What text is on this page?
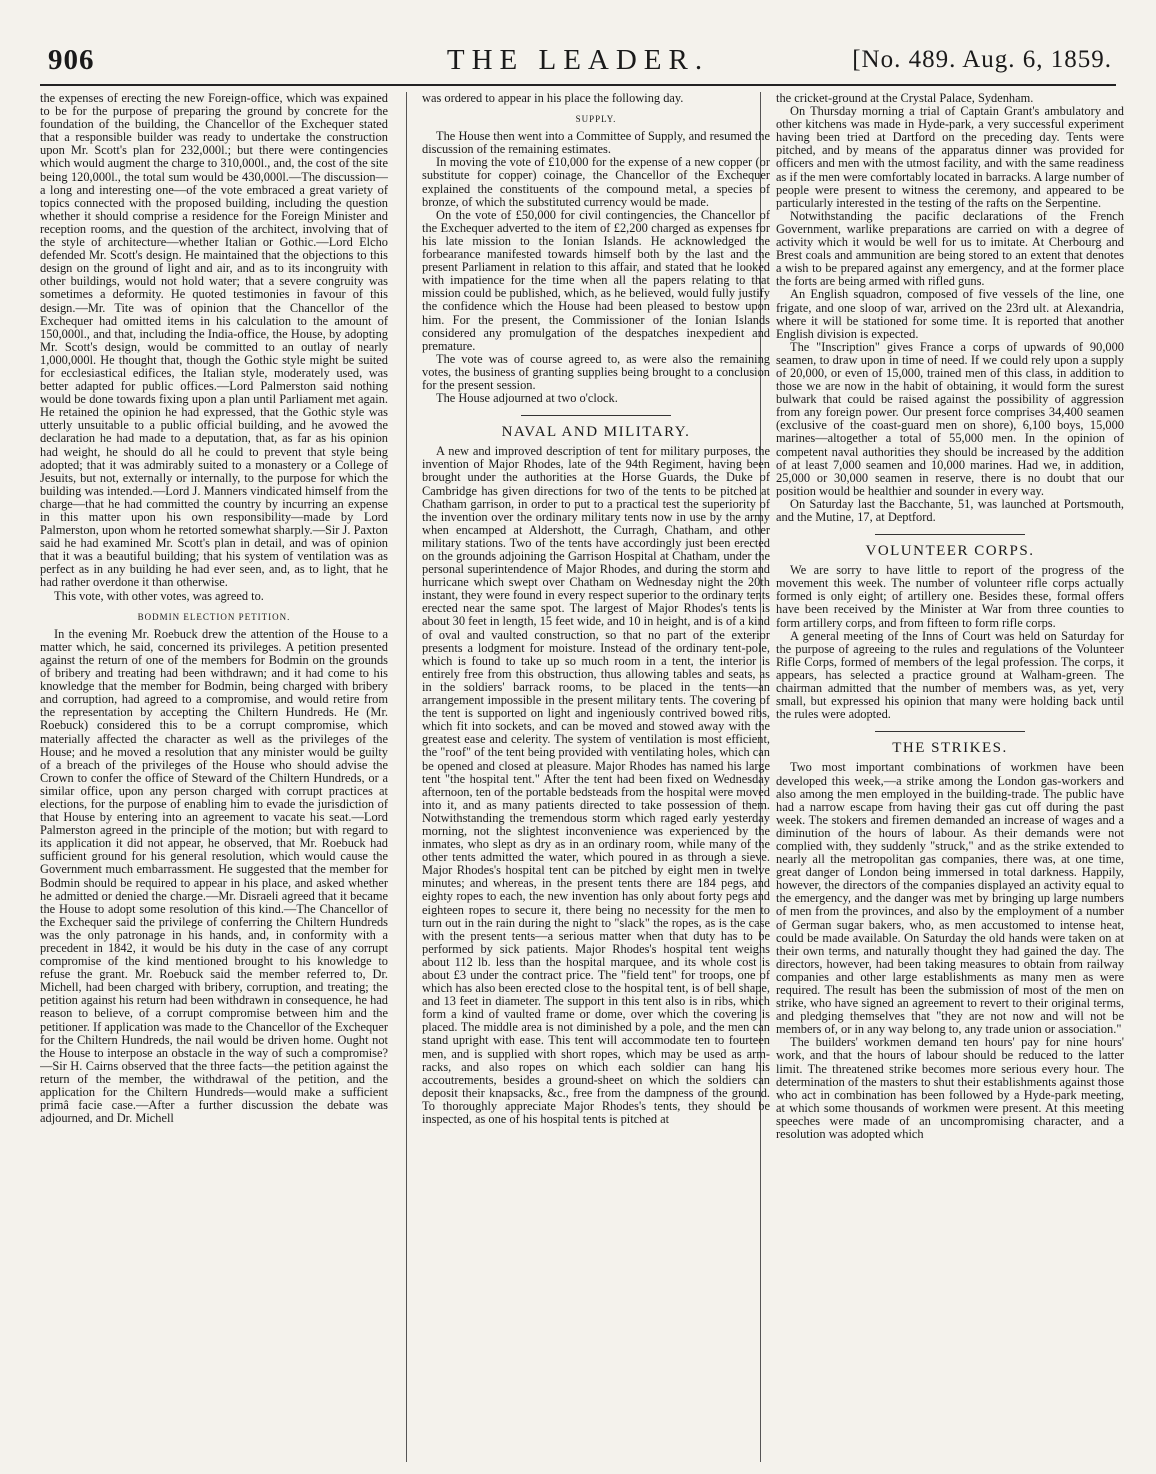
906	THE LEADER.	[No. 489. Aug. 6, 1859.

the expenses of erecting the new Foreign-office, which was expained to be for the purpose of preparing the ground by concrete for the foundation of the building, the Chancellor of the Exchequer stated that a responsible builder was ready to undertake the construction upon Mr. Scott's plan for 232,000l.; but there were contingencies which would augment the charge to 310,000l., and, the cost of the site being 120,000l., the total sum would be 430,000l.—The discussion—a long and interesting one—of the vote embraced a great variety of topics connected with the proposed building, including the question whether it should comprise a residence for the Foreign Minister and reception rooms, and the question of the architect, involving that of the style of architecture—whether Italian or Gothic.—Lord Elcho defended Mr. Scott's design. He maintained that the objections to this design on the ground of light and air, and as to its incongruity with other buildings, would not hold water; that a severe congruity was sometimes a deformity. He quoted testimonies in favour of this design.—Mr. Tite was of opinion that the Chancellor of the Exchequer had omitted items in his calculation to the amount of 150,000l., and that, including the India-office, the House, by adopting Mr. Scott's design, would be committed to an outlay of nearly 1,000,000l. He thought that, though the Gothic style might be suited for ecclesiastical edifices, the Italian style, moderately used, was better adapted for public offices.—Lord Palmerston said nothing would be done towards fixing upon a plan until Parliament met again. He retained the opinion he had expressed, that the Gothic style was utterly unsuitable to a public official building, and he avowed the declaration he had made to a deputation, that, as far as his opinion had weight, he should do all he could to prevent that style being adopted; that it was admirably suited to a monastery or a College of Jesuits, but not, externally or internally, to the purpose for which the building was intended.—Lord J. Manners vindicated himself from the charge—that he had committed the country by incurring an expense in this matter upon his own responsibility—made by Lord Palmerston, upon whom he retorted somewhat sharply.—Sir J. Paxton said he had examined Mr. Scott's plan in detail, and was of opinion that it was a beautiful building; that his system of ventilation was as perfect as in any building he had ever seen, and, as to light, that he had rather overdone it than otherwise.

This vote, with other votes, was agreed to.

BODMIN ELECTION PETITION.

In the evening Mr. Roebuck drew the attention of the House to a matter which, he said, concerned its privileges. A petition presented against the return of one of the members for Bodmin on the grounds of bribery and treating had been withdrawn; and it had come to his knowledge that the member for Bodmin, being charged with bribery and corruption, had agreed to a compromise, and would retire from the representation by accepting the Chiltern Hundreds. He (Mr. Roebuck) considered this to be a corrupt compromise, which materially affected the character as well as the privileges of the House; and he moved a resolution that any minister would be guilty of a breach of the privileges of the House who should advise the Crown to confer the office of Steward of the Chiltern Hundreds, or a similar office, upon any person charged with corrupt practices at elections, for the purpose of enabling him to evade the jurisdiction of that House by entering into an agreement to vacate his seat.—Lord Palmerston agreed in the principle of the motion; but with regard to its application it did not appear, he observed, that Mr. Roebuck had sufficient ground for his general resolution, which would cause the Government much embarrassment. He suggested that the member for Bodmin should be required to appear in his place, and asked whether he admitted or denied the charge.—Mr. Disraeli agreed that it became the House to adopt some resolution of this kind.—The Chancellor of the Exchequer said the privilege of conferring the Chiltern Hundreds was the only patronage in his hands, and, in conformity with a precedent in 1842, it would be his duty in the case of any corrupt compromise of the kind mentioned brought to his knowledge to refuse the grant. Mr. Roebuck said the member referred to, Dr. Michell, had been charged with bribery, corruption, and treating; the petition against his return had been withdrawn in consequence, he had reason to believe, of a corrupt compromise between him and the petitioner. If application was made to the Chancellor of the Exchequer for the Chiltern Hundreds, the nail would be driven home. Ought not the House to interpose an obstacle in the way of such a compromise?—Sir H. Cairns observed that the three facts—the petition against the return of the member, the withdrawal of the petition, and the application for the Chiltern Hundreds—would make a sufficient primâ facie case.—After a further discussion the debate was adjourned, and Dr. Michell

was ordered to appear in his place the following day.

SUPPLY.

The House then went into a Committee of Supply, and resumed the discussion of the remaining estimates.

In moving the vote of £10,000 for the expense of a new copper (or substitute for copper) coinage, the Chancellor of the Exchequer explained the constituents of the compound metal, a species of bronze, of which the substituted currency would be made.

On the vote of £50,000 for civil contingencies, the Chancellor of the Exchequer adverted to the item of £2,200 charged as expenses for his late mission to the Ionian Islands. He acknowledged the forbearance manifested towards himself both by the last and the present Parliament in relation to this affair, and stated that he looked with impatience for the time when all the papers relating to that mission could be published, which, as he believed, would fully justify the confidence which the House had been pleased to bestow upon him. For the present, the Commissioner of the Ionian Islands considered any promulgation of the despatches inexpedient and premature.

The vote was of course agreed to, as were also the remaining votes, the business of granting supplies being brought to a conclusion for the present session.

The House adjourned at two o'clock.

NAVAL AND MILITARY.

A new and improved description of tent for military purposes, the invention of Major Rhodes, late of the 94th Regiment, having been brought under the authorities at the Horse Guards, the Duke of Cambridge has given directions for two of the tents to be pitched at Chatham garrison, in order to put to a practical test the superiority of the invention over the ordinary military tents now in use by the army when encamped at Aldershott, the Curragh, Chatham, and other military stations. Two of the tents have accordingly just been erected on the grounds adjoining the Garrison Hospital at Chatham, under the personal superintendence of Major Rhodes, and during the storm and hurricane which swept over Chatham on Wednesday night the 20th instant, they were found in every respect superior to the ordinary tents erected near the same spot. The largest of Major Rhodes's tents is about 30 feet in length, 15 feet wide, and 10 in height, and is of a kind of oval and vaulted construction, so that no part of the exterior presents a lodgment for moisture. Instead of the ordinary tent-pole, which is found to take up so much room in a tent, the interior is entirely free from this obstruction, thus allowing tables and seats, as in the soldiers' barrack rooms, to be placed in the tents—an arrangement impossible in the present military tents. The covering of the tent is supported on light and ingeniously contrived bowed ribs, which fit into sockets, and can be moved and stowed away with the greatest ease and celerity. The system of ventilation is most efficient, the "roof" of the tent being provided with ventilating holes, which can be opened and closed at pleasure. Major Rhodes has named his large tent "the hospital tent." After the tent had been fixed on Wednesday afternoon, ten of the portable bedsteads from the hospital were moved into it, and as many patients directed to take possession of them. Notwithstanding the tremendous storm which raged early yesterday morning, not the slightest inconvenience was experienced by the inmates, who slept as dry as in an ordinary room, while many of the other tents admitted the water, which poured in as through a sieve. Major Rhodes's hospital tent can be pitched by eight men in twelve minutes; and whereas, in the present tents there are 184 pegs, and eighty ropes to each, the new invention has only about forty pegs and eighteen ropes to secure it, there being no necessity for the men to turn out in the rain during the night to "slack" the ropes, as is the case with the present tents—a serious matter when that duty has to be performed by sick patients. Major Rhodes's hospital tent weighs about 112 lb. less than the hospital marquee, and its whole cost is about £3 under the contract price. The "field tent" for troops, one of which has also been erected close to the hospital tent, is of bell shape, and 13 feet in diameter. The support in this tent also is in ribs, which form a kind of vaulted frame or dome, over which the covering is placed. The middle area is not diminished by a pole, and the men can stand upright with ease. This tent will accommodate ten to fourteen men, and is supplied with short ropes, which may be used as arm-racks, and also ropes on which each soldier can hang his accoutrements, besides a ground-sheet on which the soldiers can deposit their knapsacks, &c., free from the dampness of the ground. To thoroughly appreciate Major Rhodes's tents, they should be inspected, as one of his hospital tents is pitched at

the cricket-ground at the Crystal Palace, Sydenham.

On Thursday morning a trial of Captain Grant's ambulatory and other kitchens was made in Hyde-park, a very successful experiment having been tried at Dartford on the preceding day. Tents were pitched, and by means of the apparatus dinner was provided for officers and men with the utmost facility, and with the same readiness as if the men were comfortably located in barracks. A large number of people were present to witness the ceremony, and appeared to be particularly interested in the testing of the rafts on the Serpentine.

Notwithstanding the pacific declarations of the French Government, warlike preparations are carried on with a degree of activity which it would be well for us to imitate. At Cherbourg and Brest coals and ammunition are being stored to an extent that denotes a wish to be prepared against any emergency, and at the former place the forts are being armed with rifled guns.

An English squadron, composed of five vessels of the line, one frigate, and one sloop of war, arrived on the 23rd ult. at Alexandria, where it will be stationed for some time. It is reported that another English division is expected.

The "Inscription" gives France a corps of upwards of 90,000 seamen, to draw upon in time of need. If we could rely upon a supply of 20,000, or even of 15,000, trained men of this class, in addition to those we are now in the habit of obtaining, it would form the surest bulwark that could be raised against the possibility of aggression from any foreign power. Our present force comprises 34,400 seamen (exclusive of the coast-guard men on shore), 6,100 boys, 15,000 marines—altogether a total of 55,000 men. In the opinion of competent naval authorities they should be increased by the addition of at least 7,000 seamen and 10,000 marines. Had we, in addition, 25,000 or 30,000 seamen in reserve, there is no doubt that our position would be healthier and sounder in every way.

On Saturday last the Bacchante, 51, was launched at Portsmouth, and the Mutine, 17, at Deptford.

VOLUNTEER CORPS.

We are sorry to have little to report of the progress of the movement this week. The number of volunteer rifle corps actually formed is only eight; of artillery one. Besides these, formal offers have been received by the Minister at War from three counties to form artillery corps, and from fifteen to form rifle corps.

A general meeting of the Inns of Court was held on Saturday for the purpose of agreeing to the rules and regulations of the Volunteer Rifle Corps, formed of members of the legal profession. The corps, it appears, has selected a practice ground at Walham-green. The chairman admitted that the number of members was, as yet, very small, but expressed his opinion that many were holding back until the rules were adopted.

THE STRIKES.

Two most important combinations of workmen have been developed this week,—a strike among the London gas-workers and also among the men employed in the building-trade. The public have had a narrow escape from having their gas cut off during the past week. The stokers and firemen demanded an increase of wages and a diminution of the hours of labour. As their demands were not complied with, they suddenly "struck," and as the strike extended to nearly all the metropolitan gas companies, there was, at one time, great danger of London being immersed in total darkness. Happily, however, the directors of the companies displayed an activity equal to the emergency, and the danger was met by bringing up large numbers of men from the provinces, and also by the employment of a number of German sugar bakers, who, as men accustomed to intense heat, could be made available. On Saturday the old hands were taken on at their own terms, and naturally thought they had gained the day. The directors, however, had been taking measures to obtain from railway companies and other large establishments as many men as were required. The result has been the submission of most of the men on strike, who have signed an agreement to revert to their original terms, and pledging themselves that "they are not now and will not be members of, or in any way belong to, any trade union or association."

The builders' workmen demand ten hours' pay for nine hours' work, and that the hours of labour should be reduced to the latter limit. The threatened strike becomes more serious every hour. The determination of the masters to shut their establishments against those who act in combination has been followed by a Hyde-park meeting, at which some thousands of workmen were present. At this meeting speeches were made of an uncompromising character, and a resolution was adopted which
